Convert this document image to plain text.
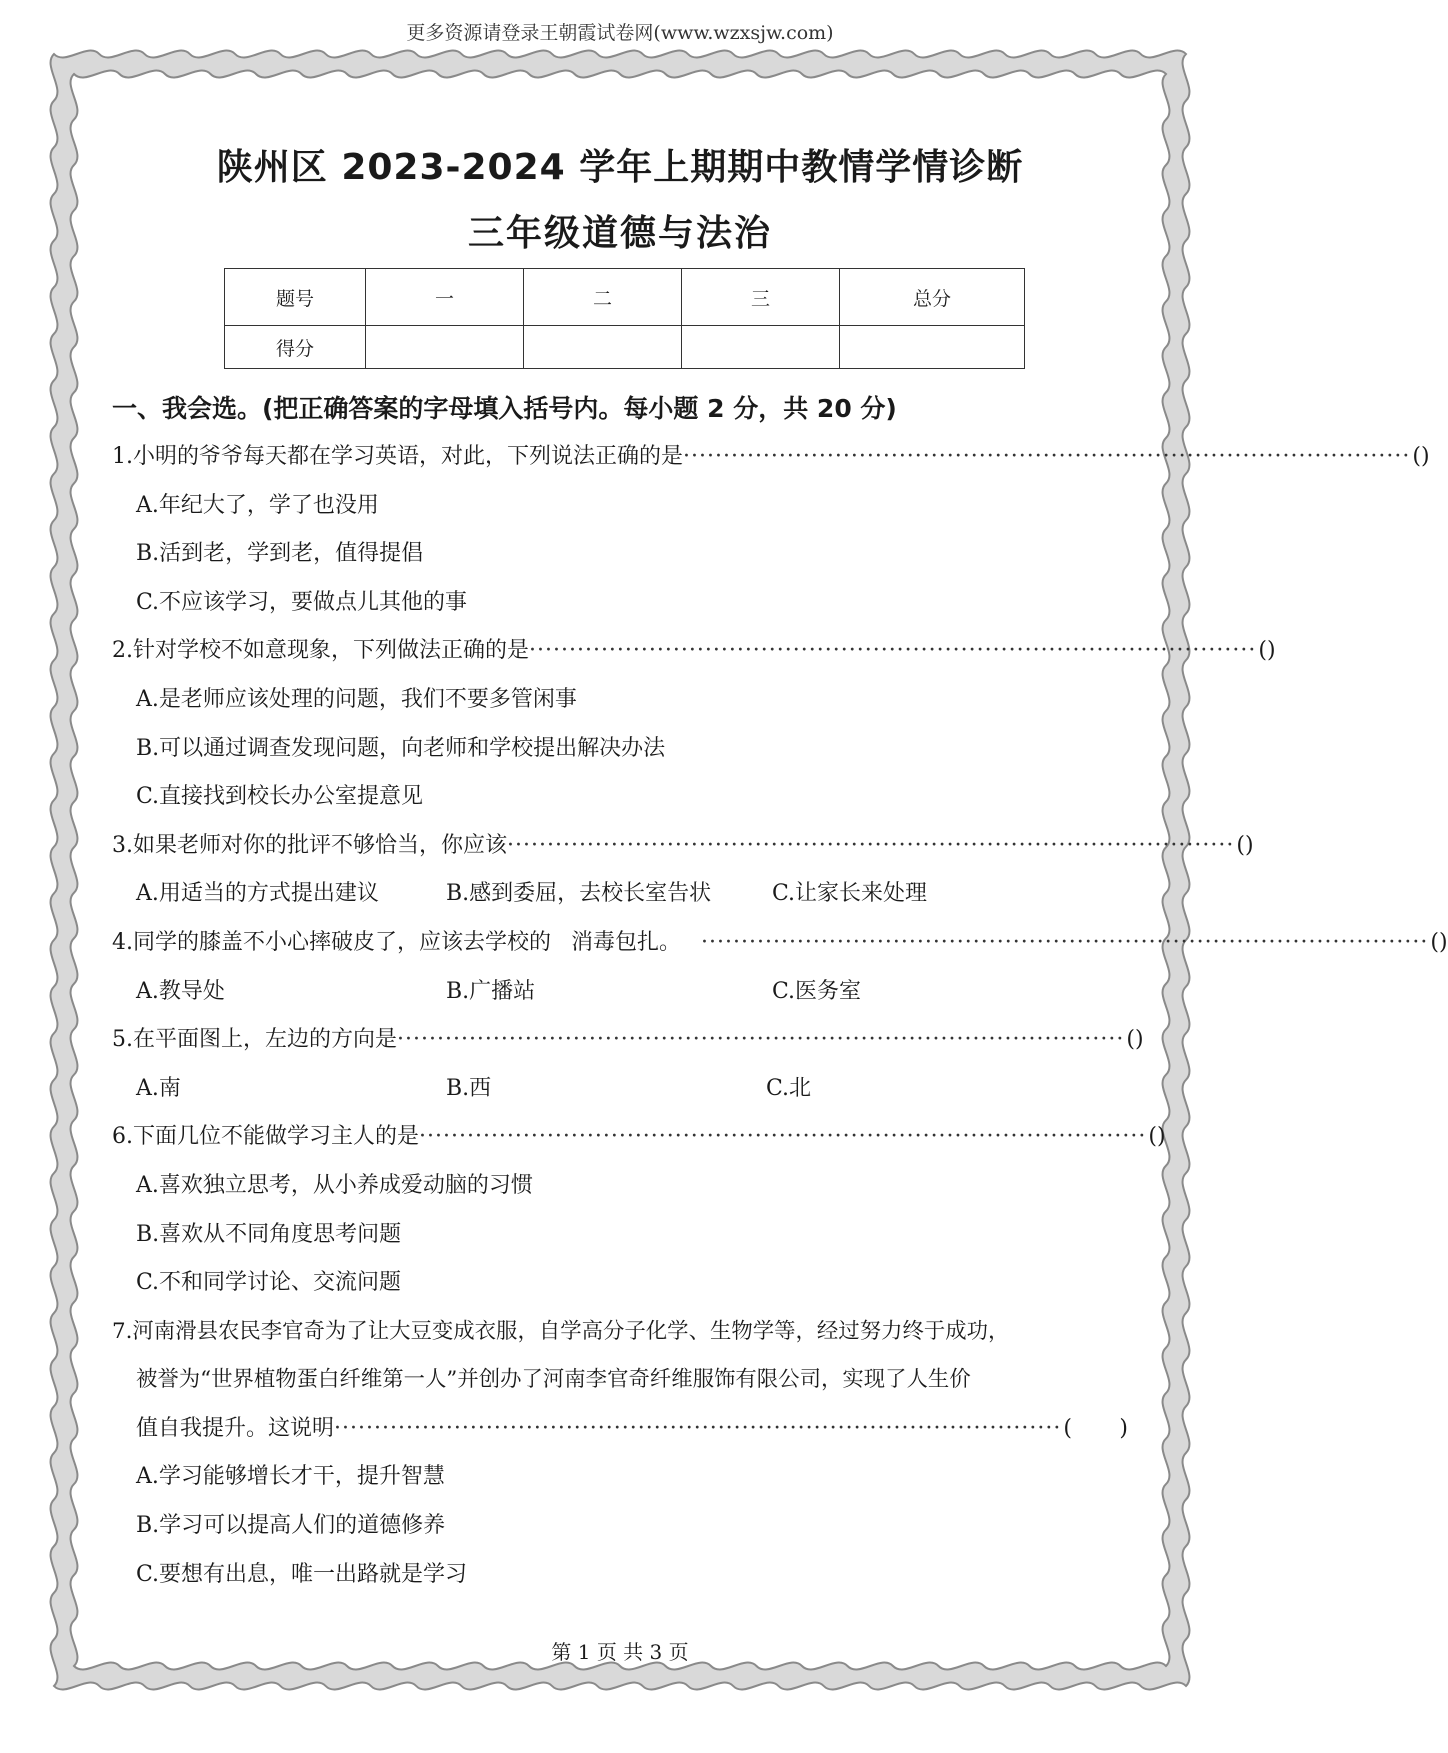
更多资源请登录王朝霞试卷网(www.wzxsjw.com)
陕州区 2023-2024 学年上期期中教情学情诊断
三年级道德与法治
题号	一	二	三	总分
得分				
一、我会选。(把正确答案的字母填入括号内。每小题 2 分，共 20 分)
1.小明的爷爷每天都在学习英语，对此，下列说法正确的是 ··························································································· ( )
A.年纪大了，学了也没用
B.活到老，学到老，值得提倡
C.不应该学习，要做点儿其他的事
2.针对学校不如意现象，下列做法正确的是 ··························································································· ( )
A.是老师应该处理的问题，我们不要多管闲事
B.可以通过调查发现问题，向老师和学校提出解决办法
C.直接找到校长办公室提意见
3.如果老师对你的批评不够恰当，你应该 ··························································································· ( )
A.用适当的方式提出建议	B.感到委屈，去校长室告状	C.让家长来处理
4.同学的膝盖不小心摔破皮了，应该去学校的 消毒包扎。 ··························································································· ( )
A.教导处	B.广播站	C.医务室
5.在平面图上，左边的方向是 ··························································································· ( )
A.南	B.西	C.北
6.下面几位不能做学习主人的是 ··························································································· ( )
A.喜欢独立思考，从小养成爱动脑的习惯
B.喜欢从不同角度思考问题
C.不和同学讨论、交流问题
7.河南滑县农民李官奇为了让大豆变成衣服，自学高分子化学、生物学等，经过努力终于成功，
被誉为“世界植物蛋白纤维第一人”并创办了河南李官奇纤维服饰有限公司，实现了人生价
值自我提升。这说明 ··························································································· ( )
A.学习能够增长才干，提升智慧
B.学习可以提高人们的道德修养
C.要想有出息，唯一出路就是学习
第 1 页 共 3 页
